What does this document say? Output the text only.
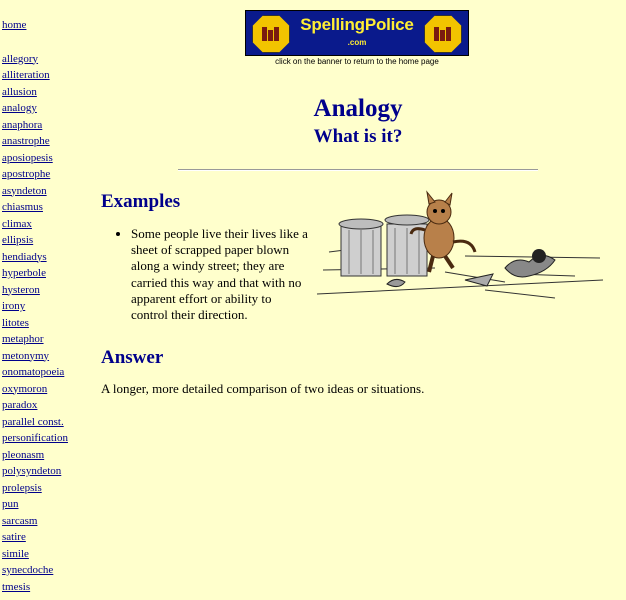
home
allegory
alliteration
allusion
analogy
anaphora
anastrophe
aposiopesis
apostrophe
asyndeton
chiasmus
climax
ellipsis
hendiadys
hyperbole
hysteron
irony
litotes
metaphor
metonymy
onomatopoeia
oxymoron
paradox
parallel const.
personification
pleonasm
polysyndeton
prolepsis
pun
sarcasm
satire
simile
synecdoche
tmesis
SpellingPolice
.com
click on the banner to return to the home page
Analogy
What is it?
Examples
• Some people live their lives like a sheet of scrapped paper blown along a windy street; they are carried this way and that with no apparent effort or ability to control their direction.
Answer

A longer, more detailed comparison of two ideas or situations.
